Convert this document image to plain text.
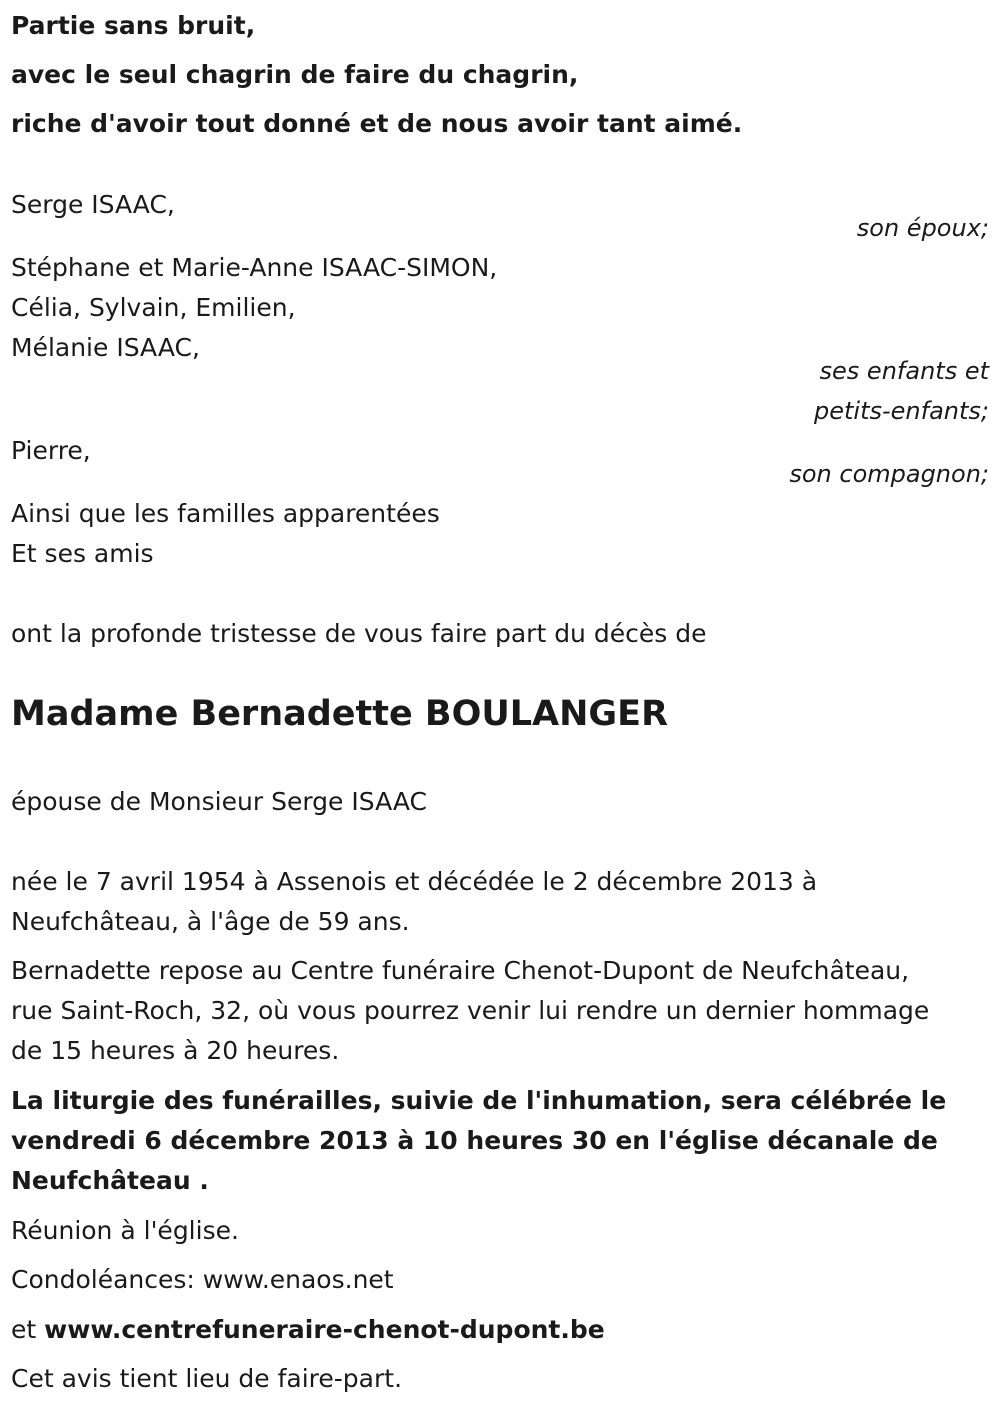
Partie sans bruit,
avec le seul chagrin de faire du chagrin,
riche d'avoir tout donné et de nous avoir tant aimé.
Serge ISAAC,
son époux;
Stéphane et Marie-Anne ISAAC-SIMON,
Célia, Sylvain, Emilien,
Mélanie ISAAC,
ses enfants et
petits-enfants;
Pierre,
son compagnon;
Ainsi que les familles apparentées
Et ses amis
ont la profonde tristesse de vous faire part du décès de
Madame Bernadette BOULANGER
épouse de Monsieur Serge ISAAC
née le 7 avril 1954 à Assenois et décédée le 2 décembre 2013 à
Neufchâteau, à l'âge de 59 ans.
Bernadette repose au Centre funéraire Chenot-Dupont de Neufchâteau,
rue Saint-Roch, 32, où vous pourrez venir lui rendre un dernier hommage
de 15 heures à 20 heures.
La liturgie des funérailles, suivie de l'inhumation, sera célébrée le
vendredi 6 décembre 2013 à 10 heures 30 en l'église décanale de
Neufchâteau .
Réunion à l'église.
Condoléances: www.enaos.net
et www.centrefuneraire-chenot-dupont.be
Cet avis tient lieu de faire-part.
